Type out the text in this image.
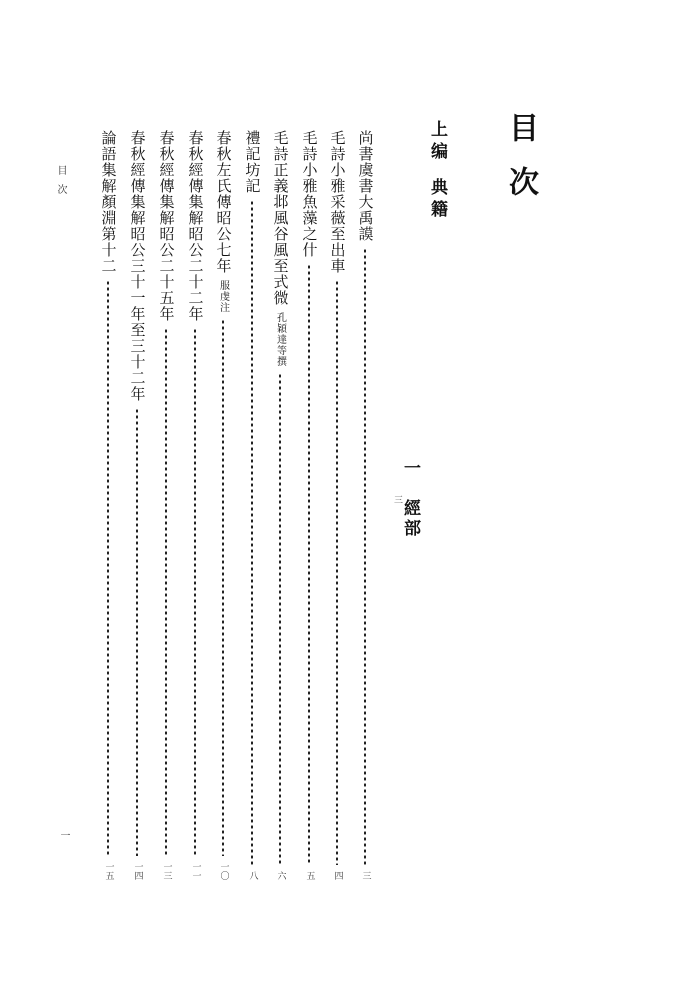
目次
上编典籍
一　經部
三
尚書虞書大禹謨
三
毛詩小雅采薇至出車
四
毛詩小雅魚藻之什
五
毛詩正義邶風谷風至式微
孔穎達等撰
六
禮記坊記
八
春秋左氏傳昭公七年
服虔注
一〇
春秋經傳集解昭公二十二年
一一
春秋經傳集解昭公二十五年
一三
春秋經傳集解昭公三十一年至三十二年
一四
論語集解顏淵第十二
一五
目次
一
